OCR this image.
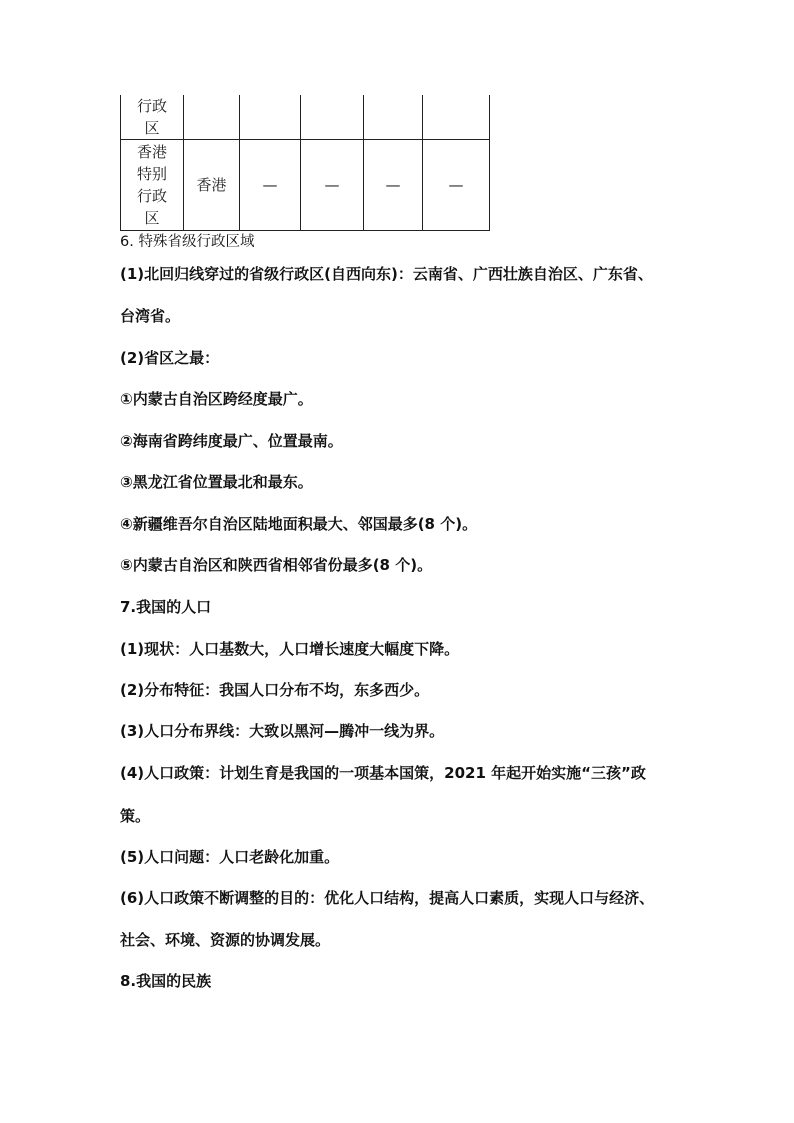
行政
区					

香港
特别
行政
区	香港	—	—	—	—
6. 特殊省级行政区域
(1)北回归线穿过的省级行政区(自西向东)：云南省、广西壮族自治区、广东省、
台湾省。
(2)省区之最：
①内蒙古自治区跨经度最广。
②海南省跨纬度最广、位置最南。
③黑龙江省位置最北和最东。
④新疆维吾尔自治区陆地面积最大、邻国最多(8 个)。
⑤内蒙古自治区和陕西省相邻省份最多(8 个)。
7.我国的人口
(1)现状：人口基数大，人口增长速度大幅度下降。
(2)分布特征：我国人口分布不均，东多西少。
(3)人口分布界线：大致以黑河—腾冲一线为界。
(4)人口政策：计划生育是我国的一项基本国策，2021 年起开始实施“三孩”政
策。
(5)人口问题：人口老龄化加重。
(6)人口政策不断调整的目的：优化人口结构，提高人口素质，实现人口与经济、
社会、环境、资源的协调发展。
8.我国的民族
